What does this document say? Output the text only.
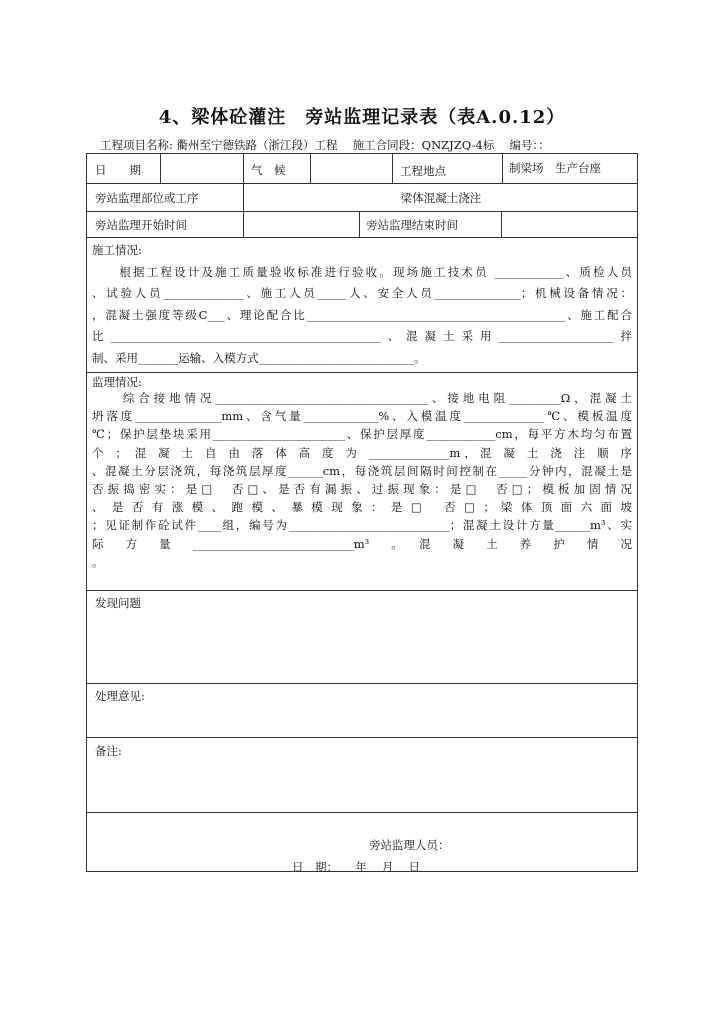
4、梁体砼灌注　旁站监理记录表（表A.0.12）
工程项目名称: 衢州至宁德铁路（浙江段）工程　 施工合同段：QNZJZQ-4标　 编号：：
日　　期	气　候	工程地点	制梁场　生产台座
旁站监理部位或工序	梁体混凝土浇注
旁站监理开始时间	旁站监理结束时间
施工情况:
　　根据工程设计及施工质量验收标准进行验收。现场施工技术员 ____________、质检人员
、试验人员______________、施工人员_____人、安全人员_______________；机械设备情况：
，混凝土强度等级C___、理论配合比_____________________________________________、施工配合
比_______________________________________________、混凝土采用____________________拌
制、采用_______运输、入模方式___________________________。
监理情况:
　　综合接地情况_____________________________________、接地电阻_________Ω，混凝土
坍落度_______________mm、含气量_____________%、入模温度______________℃、模板温度
℃；保护层垫块采用_______________________、保护层厚度____________cm，每平方木均匀布置
个 ； 混 凝 土 自 由 落 体 高 度 为 ______________m，混 凝 土 浇 注 顺 序
、混凝土分层浇筑，每浇筑层厚度______cm，每浇筑层间隔时间控制在_____分钟内，混凝土是
否振捣密实：是□　否□、是否有漏振、过振现象：是□　否□；模板加固情况
、 是 否 有 涨 模 、 跑 模 、 暴 模 现 象 ： 是 □　 否 □ ； 梁 体 顶 面 六 面 坡
；见证制作砼试件____组，编号为____________________________；混凝土设计方量______m³、实
际　方　量　____________________________m³　。　混　凝　土　养　护　情　况
。
发现问题
处理意见:
备注:
旁站监理人员：
日　期：　　年　 月　 日
